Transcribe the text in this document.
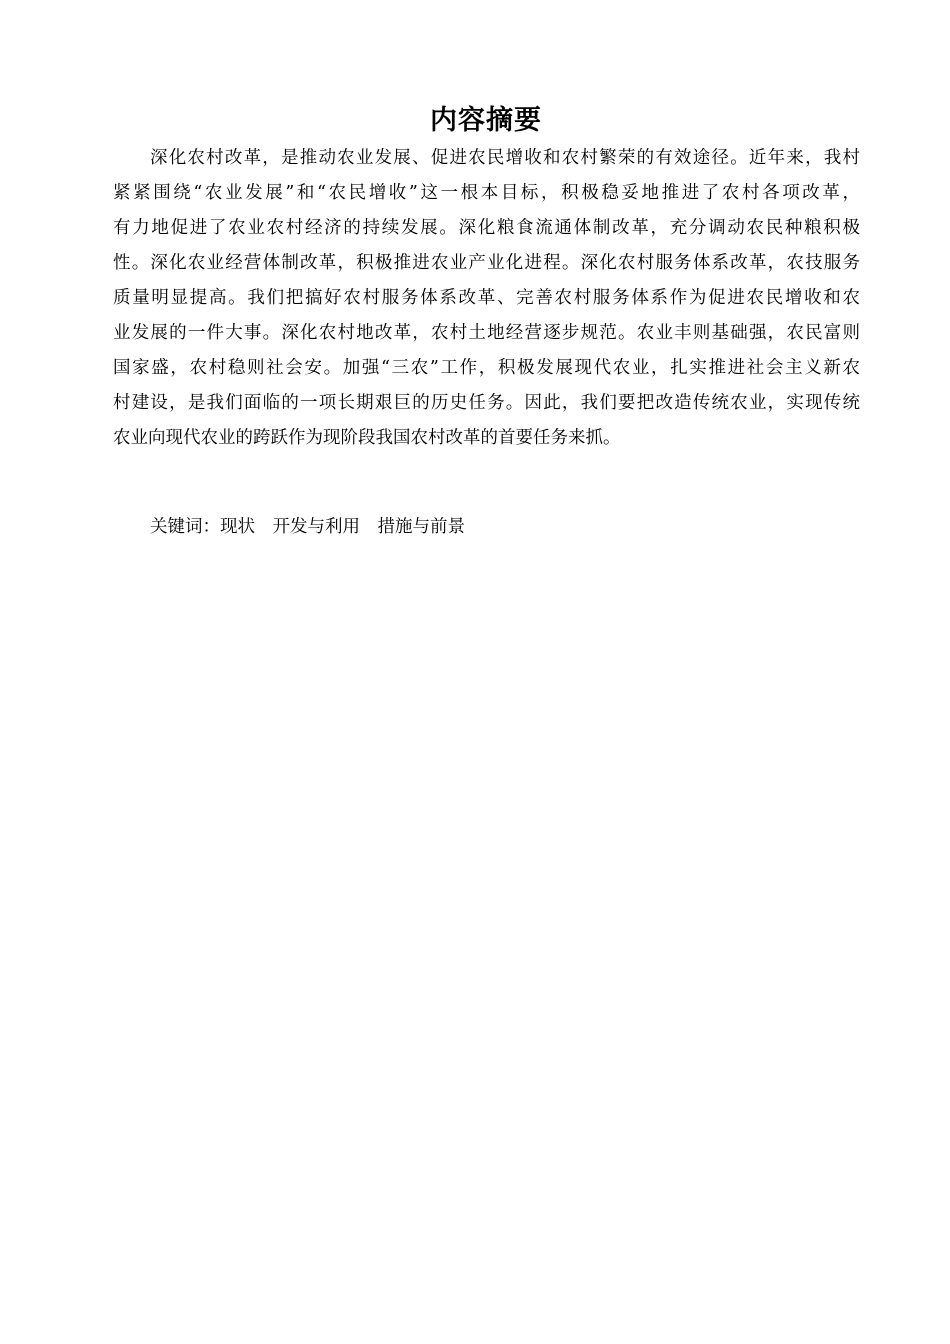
内容摘要
深化农村改革，是推动农业发展、促进农民增收和农村繁荣的有效途径。近年来，我村
紧紧围绕“农业发展”和“农民增收”这一根本目标，积极稳妥地推进了农村各项改革，
有力地促进了农业农村经济的持续发展。深化粮食流通体制改革，充分调动农民种粮积极
性。深化农业经营体制改革，积极推进农业产业化进程。深化农村服务体系改革，农技服务
质量明显提高。我们把搞好农村服务体系改革、完善农村服务体系作为促进农民增收和农
业发展的一件大事。深化农村地改革，农村土地经营逐步规范。农业丰则基础强，农民富则
国家盛，农村稳则社会安。加强“三农”工作，积极发展现代农业，扎实推进社会主义新农
村建设，是我们面临的一项长期艰巨的历史任务。因此，我们要把改造传统农业，实现传统
农业向现代农业的跨跃作为现阶段我国农村改革的首要任务来抓。

关键词：现状　开发与利用　措施与前景
